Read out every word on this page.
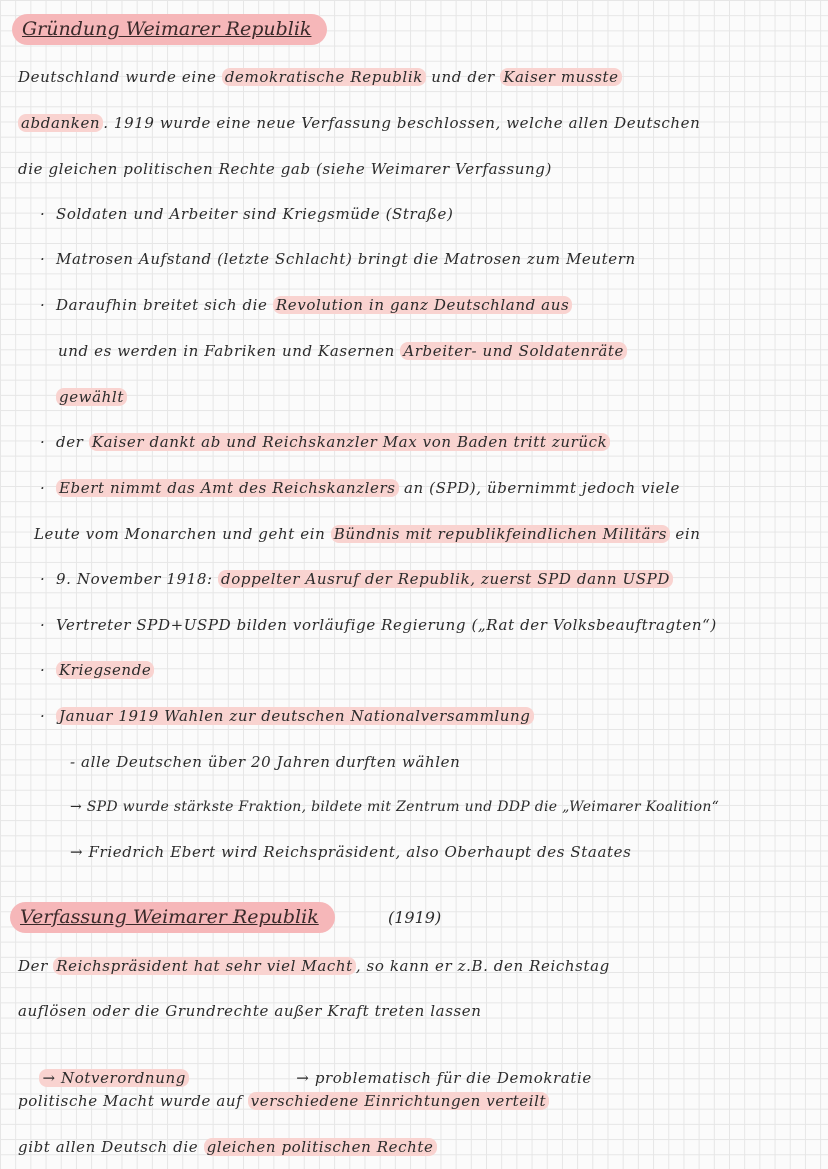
Gründung Weimarer Republik
Deutschland wurde eine demokratische Republik und der Kaiser musste
abdanken . 1919 wurde eine neue Verfassung beschlossen, welche allen Deutschen
die gleichen politischen Rechte gab (siehe Weimarer Verfassung)
· Soldaten und Arbeiter sind Kriegsmüde (Straße)
· Matrosen Aufstand (letzte Schlacht) bringt die Matrosen zum Meutern
· Daraufhin breitet sich die Revolution in ganz Deutschland aus
und es werden in Fabriken und Kasernen Arbeiter- und Soldatenräte
gewählt
· der Kaiser dankt ab und Reichskanzler Max von Baden tritt zurück
· Ebert nimmt das Amt des Reichskanzlers an (SPD), übernimmt jedoch viele
Leute vom Monarchen und geht ein Bündnis mit republikfeindlichen Militärs ein
· 9. November 1918: doppelter Ausruf der Republik, zuerst SPD dann USPD
· Vertreter SPD+USPD bilden vorläufige Regierung („Rat der Volksbeauftragten“)
· Kriegsende
· Januar 1919 Wahlen zur deutschen Nationalversammlung
- alle Deutschen über 20 Jahren durften wählen
→ SPD wurde stärkste Fraktion, bildete mit Zentrum und DDP die „Weimarer Koalition“
→ Friedrich Ebert wird Reichspräsident, also Oberhaupt des Staates
Verfassung Weimarer Republik	(1919)
Der Reichspräsident hat sehr viel Macht , so kann er z.B. den Reichstag
auflösen oder die Grundrechte außer Kraft treten lassen

→ Notverordnung                    → problematisch für die Demokratie

politische Macht wurde auf verschiedene Einrichtungen verteilt
gibt allen Deutsch die gleichen politischen Rechte
